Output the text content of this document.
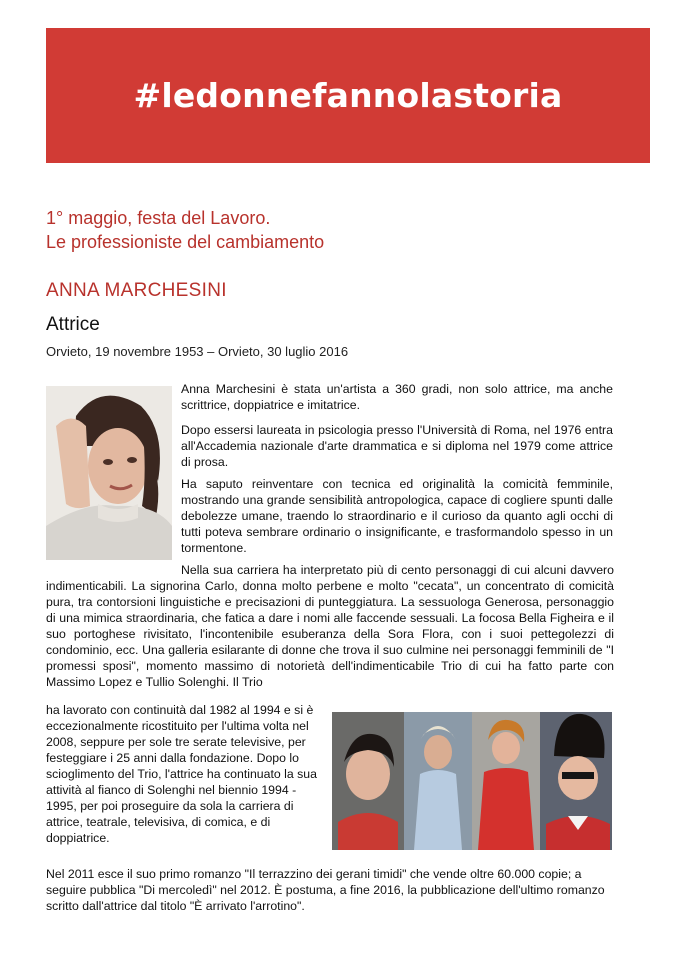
#ledonnefannolastoria
1° maggio, festa del Lavoro.
Le professioniste del cambiamento
ANNA MARCHESINI
Attrice
Orvieto, 19 novembre 1953 – Orvieto, 30 luglio 2016
Anna Marchesini è stata un'artista a 360 gradi, non solo attrice, ma anche scrittrice, doppiatrice e imitatrice.
Dopo essersi laureata in psicologia presso l'Università di Roma, nel 1976 entra all'Accademia nazionale d'arte drammatica e si diploma nel 1979 come attrice di prosa.
Ha saputo reinventare con tecnica ed originalità la comicità femminile, mostrando una grande sensibilità antropologica, capace di cogliere spunti dalle debolezze umane, traendo lo straordinario e il curioso da quanto agli occhi di tutti poteva sembrare ordinario o insignificante, e trasformandolo spesso in un tormentone.
Nella sua carriera ha interpretato più di cento personaggi di cui alcuni davvero indimenticabili. La signorina Carlo, donna molto perbene e molto "cecata", un concentrato di comicità pura, tra contorsioni linguistiche e precisazioni di punteggiatura. La sessuologa Generosa, personaggio di una mimica straordinaria, che fatica a dare i nomi alle faccende sessuali. La focosa Bella Figheira e il suo portoghese rivisitato, l'incontenibile esuberanza della Sora Flora, con i suoi pettegolezzi di condominio, ecc. Una galleria esilarante di donne che trova il suo culmine nei personaggi femminili de "I promessi sposi", momento massimo di notorietà dell'indimenticabile Trio di cui ha fatto parte con Massimo Lopez e Tullio Solenghi. Il Trio
ha lavorato con continuità dal 1982 al 1994 e si è eccezionalmente ricostituito per l'ultima volta nel 2008, seppure per sole tre serate televisive, per festeggiare i 25 anni dalla fondazione. Dopo lo scioglimento del Trio, l'attrice ha continuato la sua attività al fianco di Solenghi nel biennio 1994 - 1995, per poi proseguire da sola la carriera di attrice, teatrale, televisiva, di comica, e di doppiatrice.
Nel 2011 esce il suo primo romanzo "Il terrazzino dei gerani timidi" che vende oltre 60.000 copie; a seguire pubblica "Di mercoledì" nel 2012. È postuma, a fine 2016, la pubblicazione dell'ultimo romanzo scritto dall'attrice dal titolo "È arrivato l'arrotino".
